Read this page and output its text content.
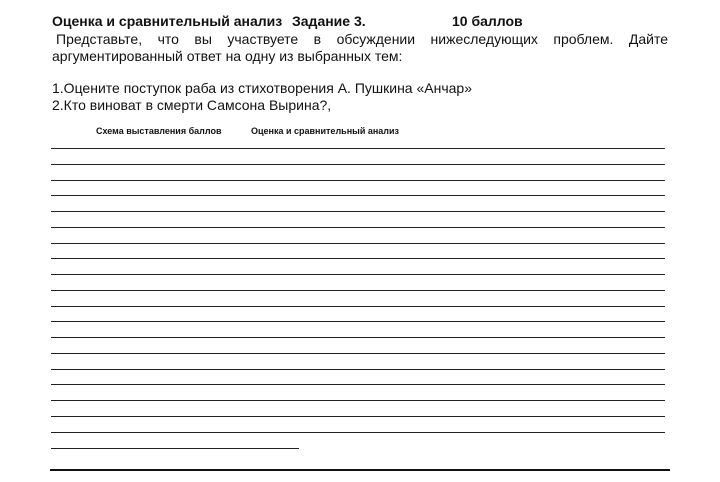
Оценка и сравнительный анализ Задание 3.	10 баллов
Представьте, что вы участвуете в обсуждении нижеследующих проблем. Дайте аргументированный ответ на одну из выбранных тем:
1.Оцените поступок раба из стихотворения А. Пушкина «Анчар»
2.Кто виноват в смерти Самсона Вырина?,
Схема выставления баллов	Оценка и сравнительный анализ
